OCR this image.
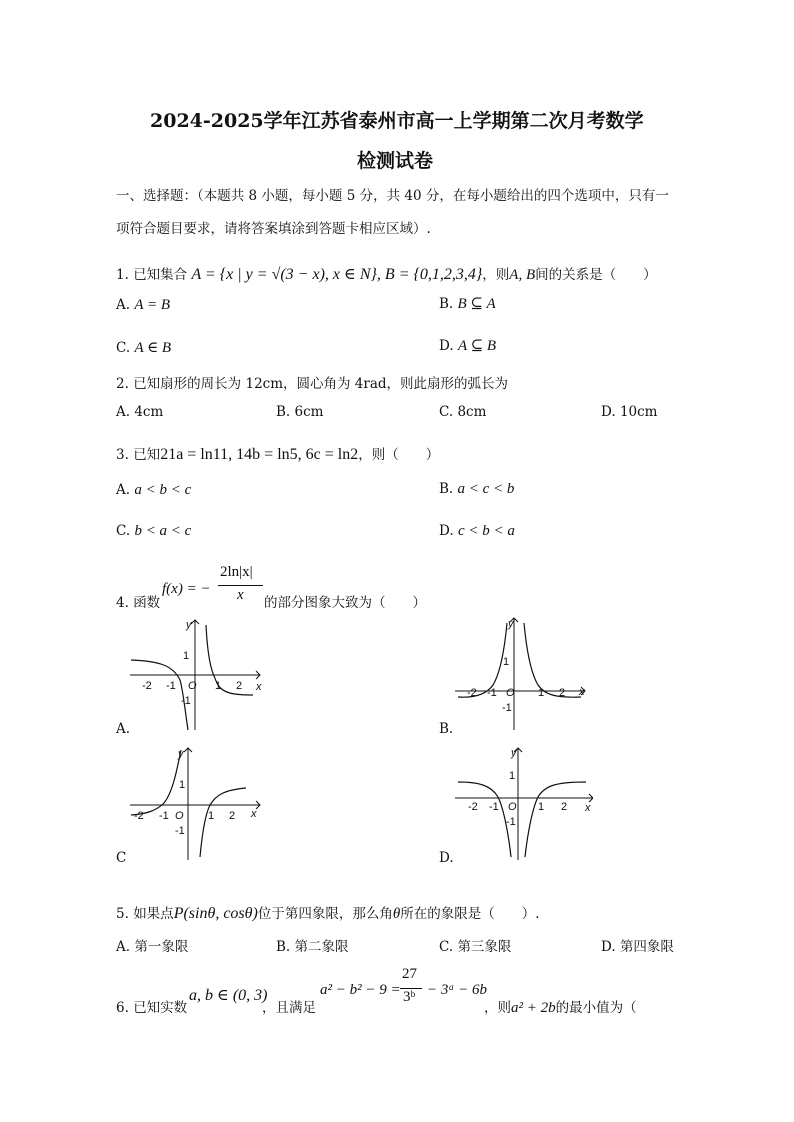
2024-2025学年江苏省泰州市高一上学期第二次月考数学
检测试卷
一、选择题：（本题共 8 小题，每小题 5 分，共 40 分，在每小题给出的四个选项中，只有一
项符合题目要求，请将答案填涂到答题卡相应区域）.
1. 已知集合 A = {x | y = √(3 − x), x ∈ N}, B = {0,1,2,3,4}，则A, B间的关系是（　　）
A. A = B	B. B ⊆ A
C. A ∈ B	D. A ⊆ B
2. 已知扇形的周长为 12cm，圆心角为 4rad，则此扇形的弧长为
A. 4cm	B. 6cm	C. 8cm	D. 10cm
3. 已知21a = ln11, 14b = ln5, 6c = ln2，则（　　）
A. a < b < c	B. a < c < b
C. b < a < c	D. c < b < a
4. 函数
f(x) = −
2ln|x|
x 的部分图象大致为（　　）
y
x
1
O
-2 -1	1 2
-1
A.
y
x
1
O
-2 -1	1 2
-1
B.
y
x
1
O
-2 -1	1 2
-1
C
y
x
1
O
-2 -1	1 2
-1
D.
5. 如果点P(sinθ, cosθ)位于第四象限，那么角θ所在的象限是（　　）.
A. 第一象限	B. 第二象限	C. 第三象限	D. 第四象限
6. 已知实数
a, b ∈ (0, 3)
，且满足
a² − b² − 9 =
27
3ᵇ − 3ᵃ − 6b
，则a² + 2b的最小值为（
